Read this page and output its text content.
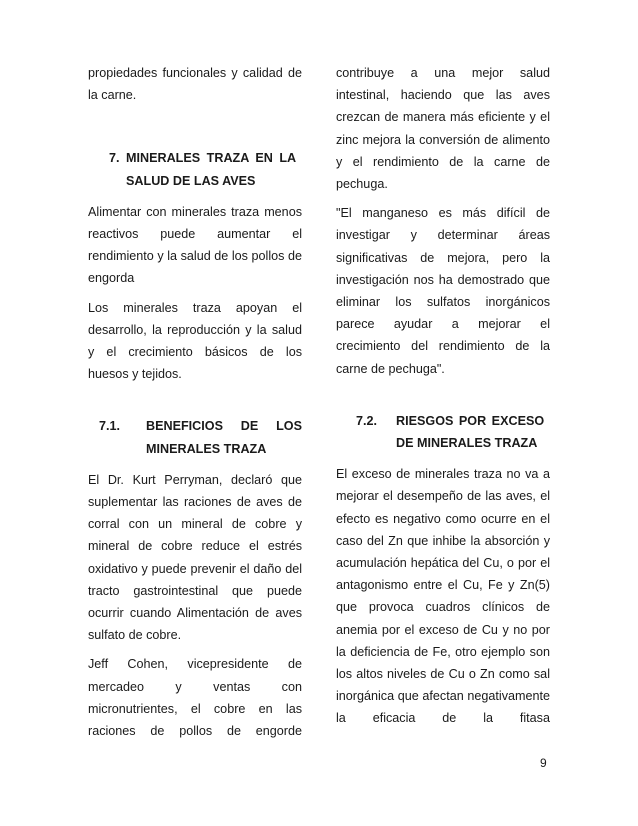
propiedades funcionales y calidad de la carne.

7. MINERALES TRAZA EN LA
SALUD DE LAS AVES

Alimentar con minerales traza menos reactivos puede aumentar el rendimiento y la salud de los pollos de engorda

Los minerales traza apoyan el desarrollo, la reproducción y la salud y el crecimiento básicos de los huesos y tejidos.

7.1.	BENEFICIOS DE LOS
MINERALES TRAZA

El Dr. Kurt Perryman, declaró que suplementar las raciones de aves de corral con un mineral de cobre y mineral de cobre reduce el estrés oxidativo y puede prevenir el daño del tracto gastrointestinal que puede ocurrir cuando Alimentación de aves sulfato de cobre.

Jeff Cohen, vicepresidente de mercadeo y ventas con micronutrientes, el cobre en las raciones de pollos de engorde

contribuye a una mejor salud intestinal, haciendo que las aves crezcan de manera más eficiente y el zinc mejora la conversión de alimento y el rendimiento de la carne de pechuga.

"El manganeso es más difícil de investigar y determinar áreas significativas de mejora, pero la investigación nos ha demostrado que eliminar los sulfatos inorgánicos parece ayudar a mejorar el crecimiento del rendimiento de la carne de pechuga".

7.2.	RIESGOS POR EXCESO
DE MINERALES TRAZA

El exceso de minerales traza no va a mejorar el desempeño de las aves, el efecto es negativo como ocurre en el caso del Zn que inhibe la absorción y acumulación hepática del Cu, o por el antagonismo entre el Cu, Fe y Zn(5) que provoca cuadros clínicos de anemia por el exceso de Cu y no por la deficiencia de Fe, otro ejemplo son los altos niveles de Cu o Zn como sal inorgánica que afectan negativamente la eficacia de la fitasa

9
